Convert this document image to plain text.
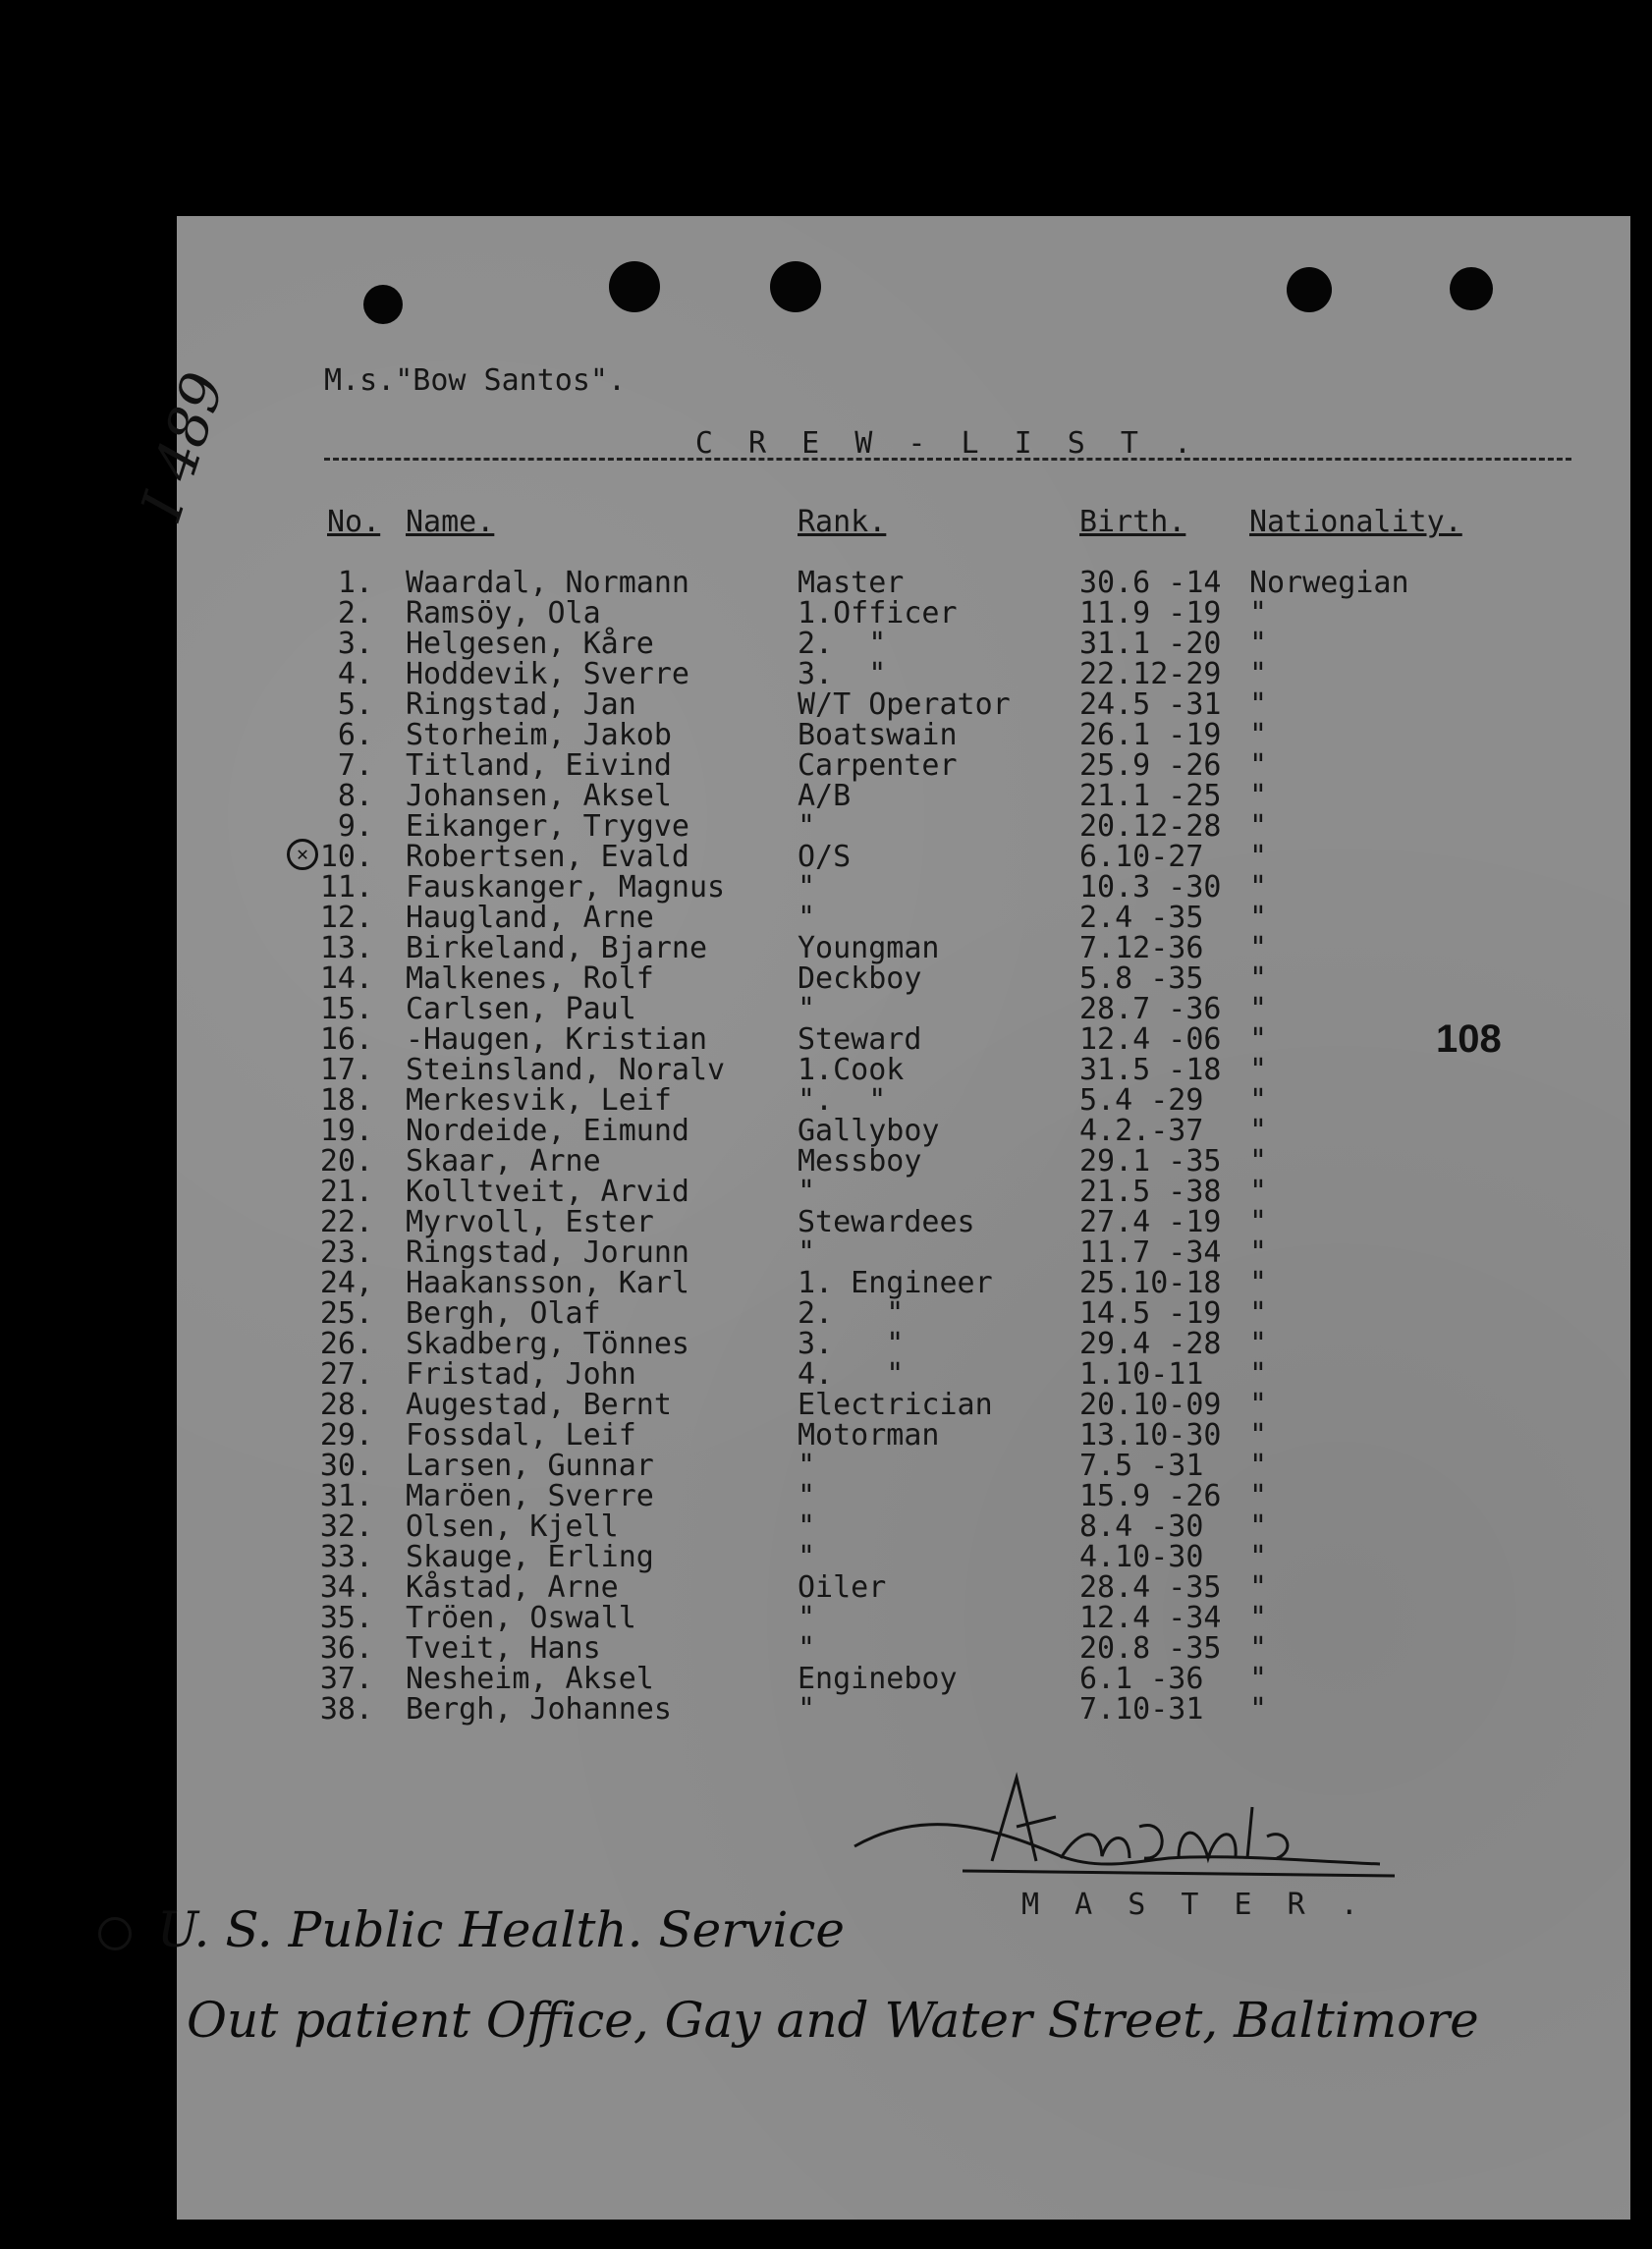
I 489	M.s."Bow Santos".
C R E W - L I S T .
No. Name.	Rank.	Birth. Nationality.
1. Waardal, Normann	Master	30.6 -14 Norwegian
2. Ramsöy, Ola	1.Officer	11.9 -19 "
3. Helgesen, Kåre	2.  "	31.1 -20 "
4. Hoddevik, Sverre	3.  "	22.12-29 "
5. Ringstad, Jan	W/T Operator 24.5 -31 "
6. Storheim, Jakob	Boatswain	26.1 -19 "
7. Titland, Eivind	Carpenter	25.9 -26 "
8. Johansen, Aksel	A/B	21.1 -25 "
9. Eikanger, Trygve	"	20.12-28 "
10. Robertsen, Evald	O/S	6.10-27 "
11. Fauskanger, Magnus "	10.3 -30 "
12. Haugland, Arne	"	2.4 -35 "
13. Birkeland, Bjarne	Youngman	7.12-36 "
14. Malkenes, Rolf	Deckboy	5.8 -35 "
15. Carlsen, Paul	"	28.7 -36 "
16. -Haugen, Kristian	Steward	12.4 -06 "
17. Steinsland, Noralv 1.Cook	31.5 -18 "
18. Merkesvik, Leif	".  "	5.4 -29 "
19. Nordeide, Eimund	Gallyboy	4.2.-37 "
20. Skaar, Arne	Messboy	29.1 -35 "
21. Kolltveit, Arvid	"	21.5 -38 "
22. Myrvoll, Ester	Stewardees	27.4 -19 "
23. Ringstad, Jorunn	"	11.7 -34 "
24, Haakansson, Karl	1. Engineer	25.10-18 "
25. Bergh, Olaf	2.   "	14.5 -19 "
26. Skadberg, Tönnes	3.   "	29.4 -28 "
27. Fristad, John	4.   "	1.10-11 "
28. Augestad, Bernt	Electrician	20.10-09 "
29. Fossdal, Leif	Motorman	13.10-30 "
30. Larsen, Gunnar	"	7.5 -31 "
31. Maröen, Sverre	"	15.9 -26 "
32. Olsen, Kjell	"	8.4 -30 "
33. Skauge, Erling	"	4.10-30 "
34. Kåstad, Arne	Oiler	28.4 -35 "
35. Tröen, Oswall	"	12.4 -34 "
36. Tveit, Hans	"	20.8 -35 "
37. Nesheim, Aksel	Engineboy	6.1 -36 "
38. Bergh, Johannes	"	7.10-31 "
✕
108
M A S T E R .
✕ U. S. Public Health. Service
Out patient Office, Gay and Water Street, Baltimore
